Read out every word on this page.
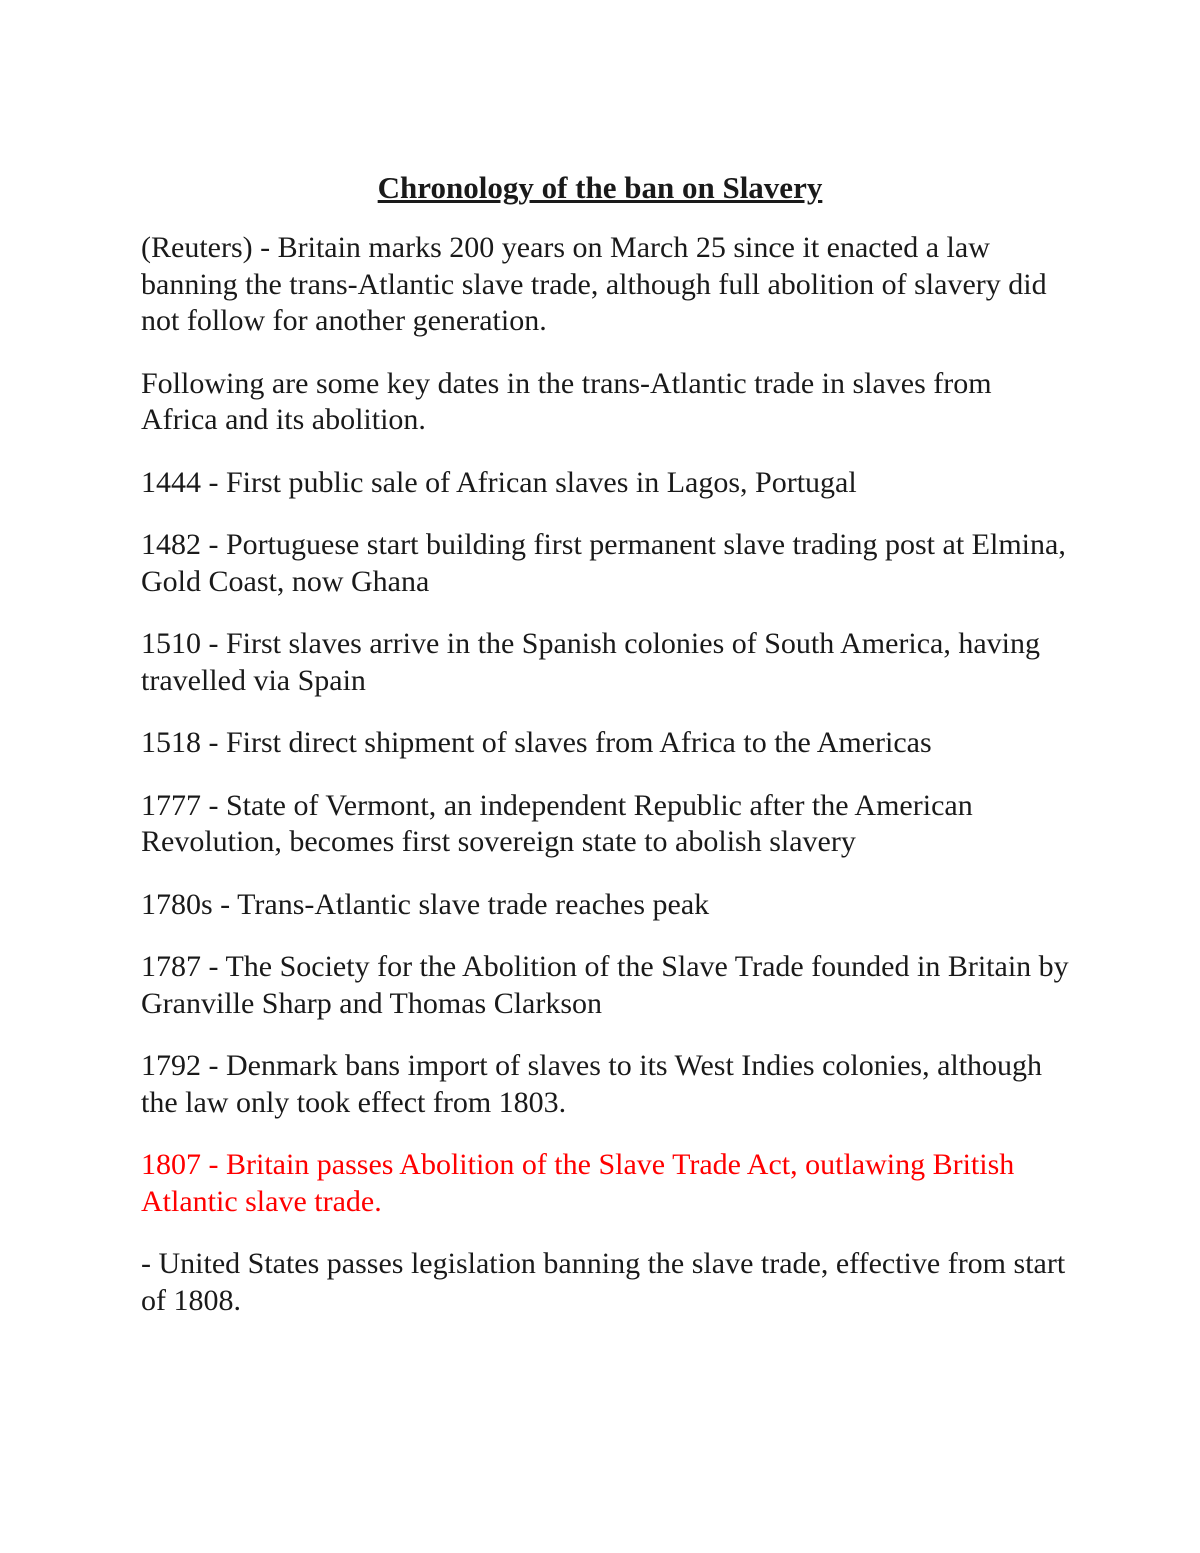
Chronology of the ban on Slavery

(Reuters) - Britain marks 200 years on March 25 since it enacted a law banning the trans-Atlantic slave trade, although full abolition of slavery did not follow for another generation.

Following are some key dates in the trans-Atlantic trade in slaves from Africa and its abolition.

1444 - First public sale of African slaves in Lagos, Portugal

1482 - Portuguese start building first permanent slave trading post at Elmina, Gold Coast, now Ghana

1510 - First slaves arrive in the Spanish colonies of South America, having travelled via Spain

1518 - First direct shipment of slaves from Africa to the Americas

1777 - State of Vermont, an independent Republic after the American Revolution, becomes first sovereign state to abolish slavery

1780s - Trans-Atlantic slave trade reaches peak

1787 - The Society for the Abolition of the Slave Trade founded in Britain by Granville Sharp and Thomas Clarkson

1792 - Denmark bans import of slaves to its West Indies colonies, although the law only took effect from 1803.

1807 - Britain passes Abolition of the Slave Trade Act, outlawing British Atlantic slave trade.

- United States passes legislation banning the slave trade, effective from start of 1808.
